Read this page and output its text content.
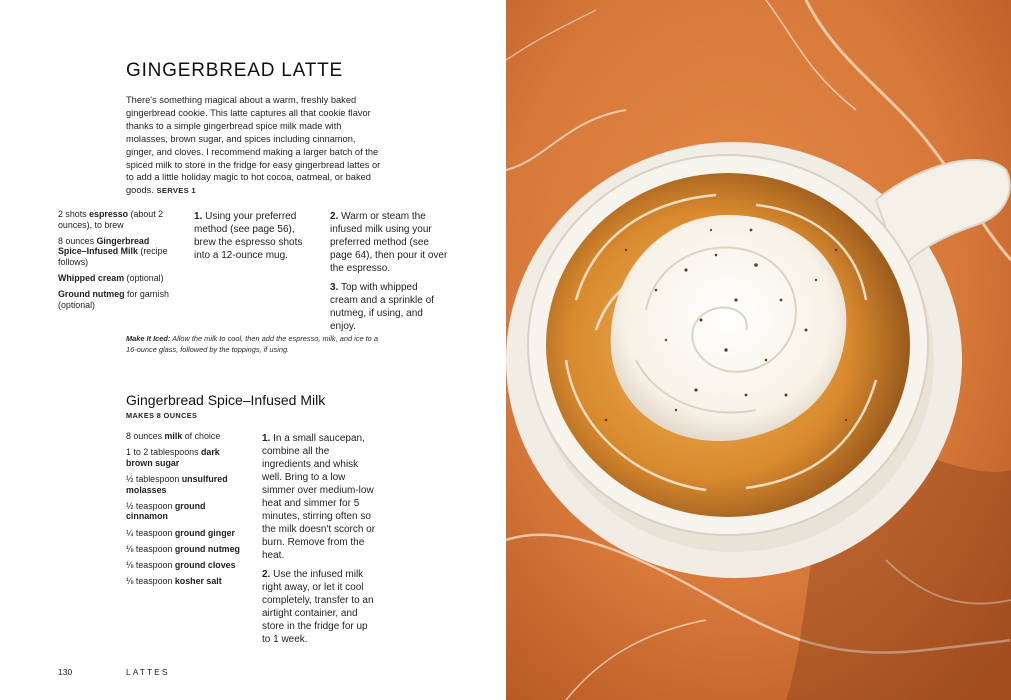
GINGERBREAD LATTE

There's something magical about a warm, freshly baked gingerbread cookie. This latte captures all that cookie flavor thanks to a simple gingerbread spice milk made with molasses, brown sugar, and spices including cinnamon, ginger, and cloves. I recommend making a larger batch of the spiced milk to store in the fridge for easy gingerbread lattes or to add a little holiday magic to hot cocoa, oatmeal, or baked goods. SERVES 1

2 shots espresso (about 2 ounces), to brew

8 ounces Gingerbread Spice–Infused Milk (recipe follows)

Whipped cream (optional)

Ground nutmeg for garnish (optional)

1. Using your preferred method (see page 56), brew the espresso shots into a 12-ounce mug.

2. Warm or steam the infused milk using your preferred method (see page 64), then pour it over the espresso.

3. Top with whipped cream and a sprinkle of nutmeg, if using, and enjoy.

Make It Iced: Allow the milk to cool, then add the espresso, milk, and ice to a 16-ounce glass, followed by the toppings, if using.

Gingerbread Spice–Infused Milk

MAKES 8 OUNCES

8 ounces milk of choice

1 to 2 tablespoons dark brown sugar

½ tablespoon unsulfured molasses

½ teaspoon ground cinnamon

¼ teaspoon ground ginger

⅛ teaspoon ground nutmeg

⅛ teaspoon ground cloves

⅛ teaspoon kosher salt

1. In a small saucepan, combine all the ingredients and whisk well. Bring to a low simmer over medium-low heat and simmer for 5 minutes, stirring often so the milk doesn't scorch or burn. Remove from the heat.

2. Use the infused milk right away, or let it cool completely, transfer to an airtight container, and store in the fridge for up to 1 week.

130	LATTES
